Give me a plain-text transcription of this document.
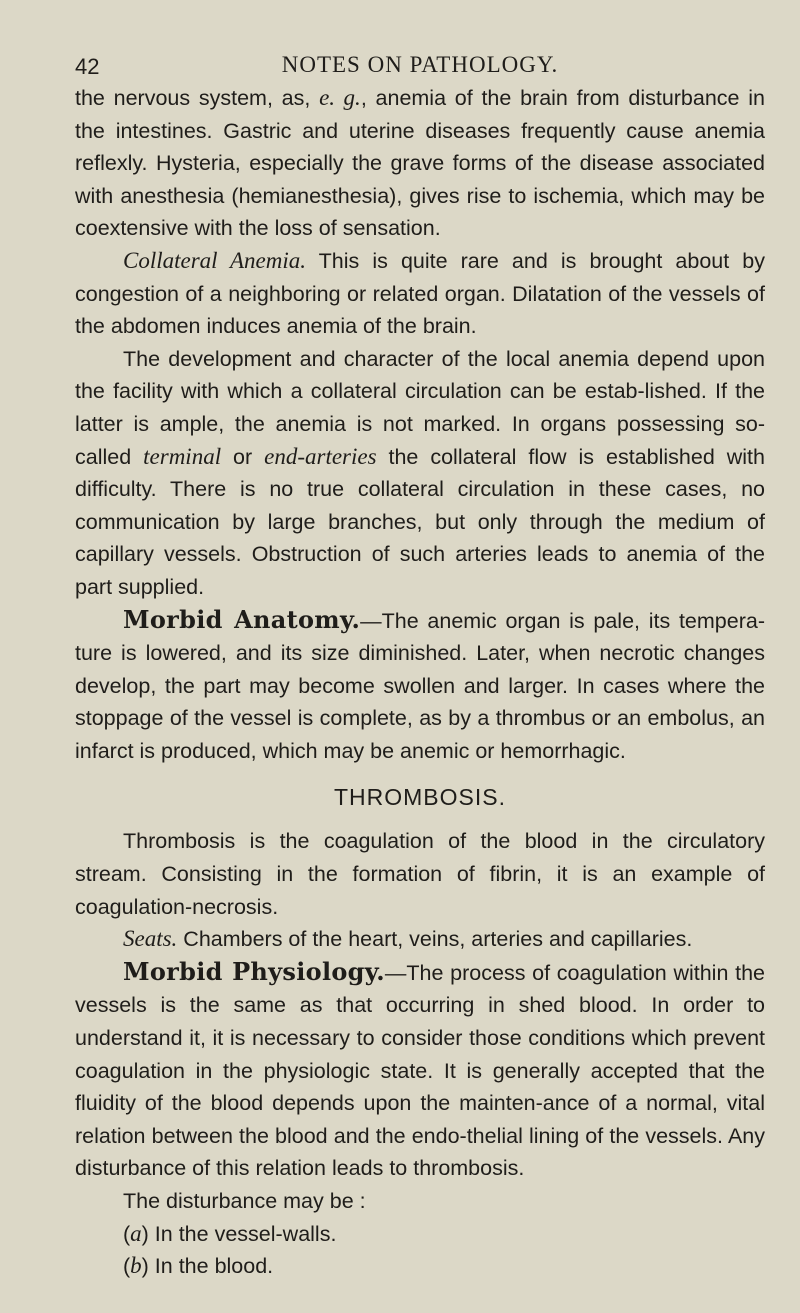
42	NOTES ON PATHOLOGY.

the nervous system, as, e. g., anemia of the brain from disturbance in the intestines. Gastric and uterine diseases frequently cause anemia reflexly. Hysteria, especially the grave forms of the disease associated with anesthesia (hemianesthesia), gives rise to ischemia, which may be coextensive with the loss of sensation.

Collateral Anemia. This is quite rare and is brought about by congestion of a neighboring or related organ. Dilatation of the vessels of the abdomen induces anemia of the brain.

The development and character of the local anemia depend upon the facility with which a collateral circulation can be estab-lished. If the latter is ample, the anemia is not marked. In organs possessing so-called terminal or end-arteries the collateral flow is established with difficulty. There is no true collateral circulation in these cases, no communication by large branches, but only through the medium of capillary vessels. Obstruction of such arteries leads to anemia of the part supplied.

Morbid Anatomy.—The anemic organ is pale, its tempera-ture is lowered, and its size diminished. Later, when necrotic changes develop, the part may become swollen and larger. In cases where the stoppage of the vessel is complete, as by a thrombus or an embolus, an infarct is produced, which may be anemic or hemorrhagic.

THROMBOSIS.

Thrombosis is the coagulation of the blood in the circulatory stream. Consisting in the formation of fibrin, it is an example of coagulation-necrosis.

Seats. Chambers of the heart, veins, arteries and capillaries.

Morbid Physiology.—The process of coagulation within the vessels is the same as that occurring in shed blood. In order to understand it, it is necessary to consider those conditions which prevent coagulation in the physiologic state. It is generally accepted that the fluidity of the blood depends upon the mainten-ance of a normal, vital relation between the blood and the endo-thelial lining of the vessels. Any disturbance of this relation leads to thrombosis.

The disturbance may be :

(a) In the vessel-walls.

(b) In the blood.
